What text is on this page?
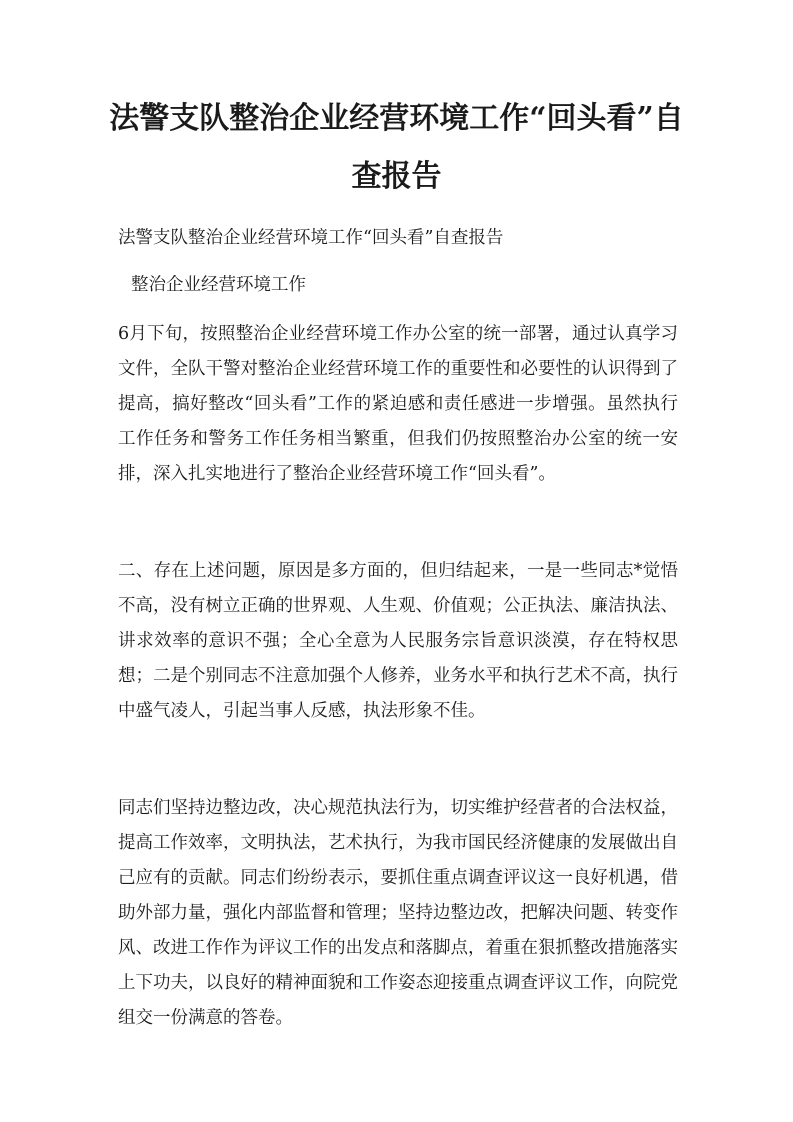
法警支队整治企业经营环境工作“回头看”自查报告

法警支队整治企业经营环境工作“回头看”自查报告

整治企业经营环境工作

6月下旬，按照整治企业经营环境工作办公室的统一部署，通过认真学习文件，全队干警对整治企业经营环境工作的重要性和必要性的认识得到了提高，搞好整改“回头看”工作的紧迫感和责任感进一步增强。虽然执行工作任务和警务工作任务相当繁重，但我们仍按照整治办公室的统一安排，深入扎实地进行了整治企业经营环境工作“回头看”。

二、存在上述问题，原因是多方面的，但归结起来，一是一些同志*觉悟不高，没有树立正确的世界观、人生观、价值观；公正执法、廉洁执法、讲求效率的意识不强；全心全意为人民服务宗旨意识淡漠，存在特权思想；二是个别同志不注意加强个人修养，业务水平和执行艺术不高，执行中盛气凌人，引起当事人反感，执法形象不佳。

同志们坚持边整边改，决心规范执法行为，切实维护经营者的合法权益，提高工作效率，文明执法，艺术执行，为我市国民经济健康的发展做出自己应有的贡献。同志们纷纷表示，要抓住重点调查评议这一良好机遇，借助外部力量，强化内部监督和管理；坚持边整边改，把解决问题、转变作风、改进工作作为评议工作的出发点和落脚点，着重在狠抓整改措施落实上下功夫，以良好的精神面貌和工作姿态迎接重点调查评议工作，向院党组交一份满意的答卷。
